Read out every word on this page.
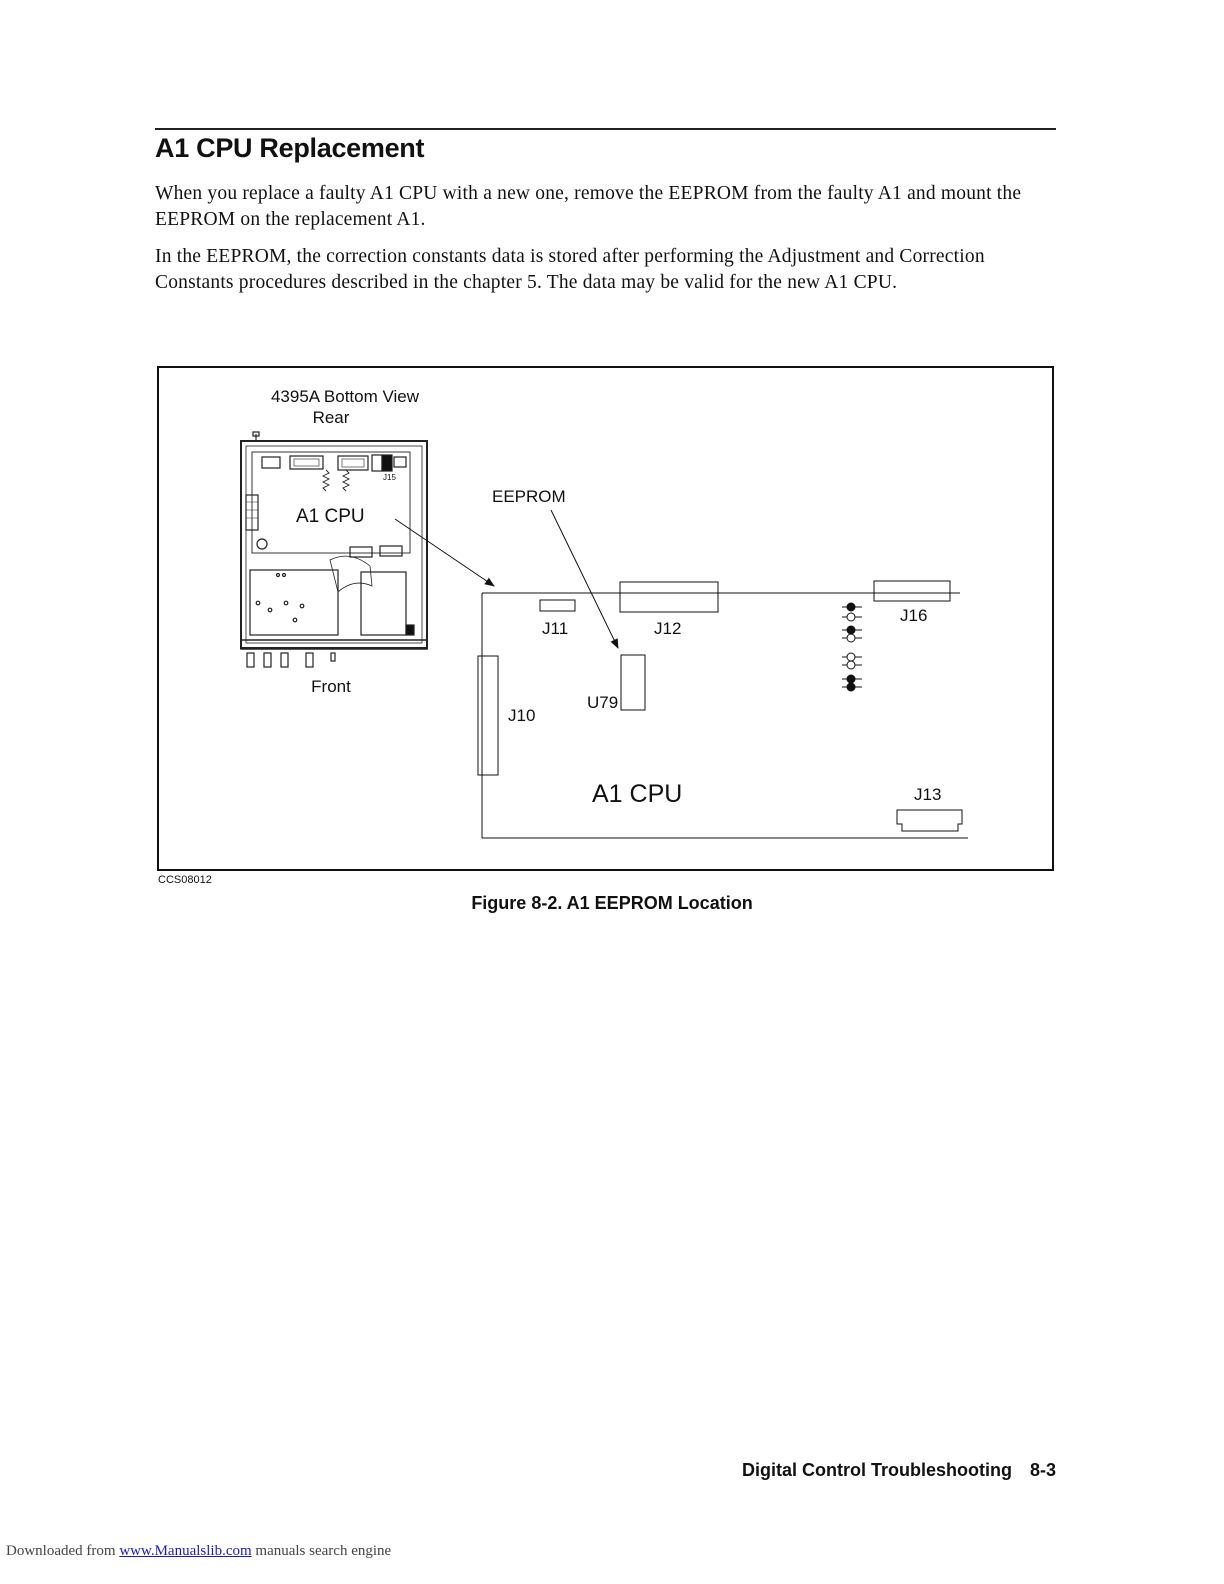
A1 CPU Replacement
When you replace a faulty A1 CPU with a new one, remove the EEPROM from the faulty A1 and mount the EEPROM on the replacement A1.
In the EEPROM, the correction constants data is stored after performing the Adjustment and Correction Constants procedures described in the chapter 5. The data may be valid for the new A1 CPU.
4395A Bottom View
Rear
J15
A1 CPU
Front
EEPROM
J16
J11	J12
U79
J10
A1 CPU	J13
CCS08012
Figure 8-2. A1 EEPROM Location
Digital Control Troubleshooting 8-3
Downloaded from www.Manualslib.com manuals search engine
